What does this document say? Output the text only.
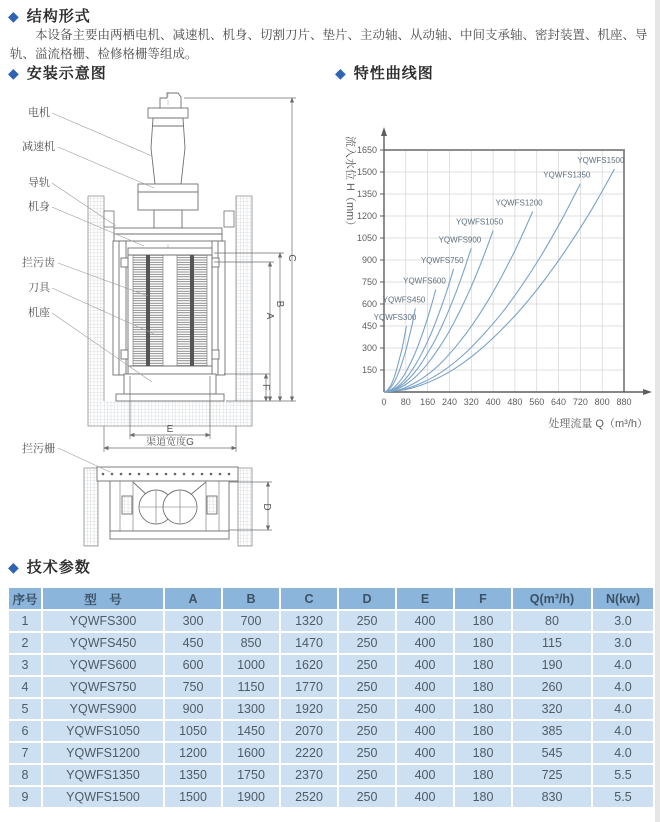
◆ 结构形式

本设备主要由两栖电机、减速机、机身、切割刀片、垫片、主动轴、从动轴、中间支承轴、密封装置、机座、导轨、溢流格栅、检修格栅等组成。

◆ 安装示意图	◆ 特性曲线图
C
B
A
F
E
渠道宽度G
D
电机
减速机
导轨
机身
拦污齿
刀具
机座
拦污栅
0 80 160 240 320 400 480 560 640 720 800 880
150
300
450
600
750
900
1050
1200
1350
1500
1650
流入水位 H（mm）
处理流量 Q（m³/h）
YQWFS300
YQWFS450
YQWFS600
YQWFS750
YQWFS900
YQWFS1050
YQWFS1200
YQWFS1350
YQWFS1500
◆ 技术参数
序号	型　号	A	B	C	D	E	F	Q(m³/h)	N(kw)
1	YQWFS300	300	700	1320	250	400	180	80	3.0
2	YQWFS450	450	850	1470	250	400	180	115	3.0
3	YQWFS600	600	1000	1620	250	400	180	190	4.0
4	YQWFS750	750	1150	1770	250	400	180	260	4.0
5	YQWFS900	900	1300	1920	250	400	180	320	4.0
6	YQWFS1050	1050	1450	2070	250	400	180	385	4.0
7	YQWFS1200	1200	1600	2220	250	400	180	545	4.0
8	YQWFS1350	1350	1750	2370	250	400	180	725	5.5
9	YQWFS1500	1500	1900	2520	250	400	180	830	5.5
